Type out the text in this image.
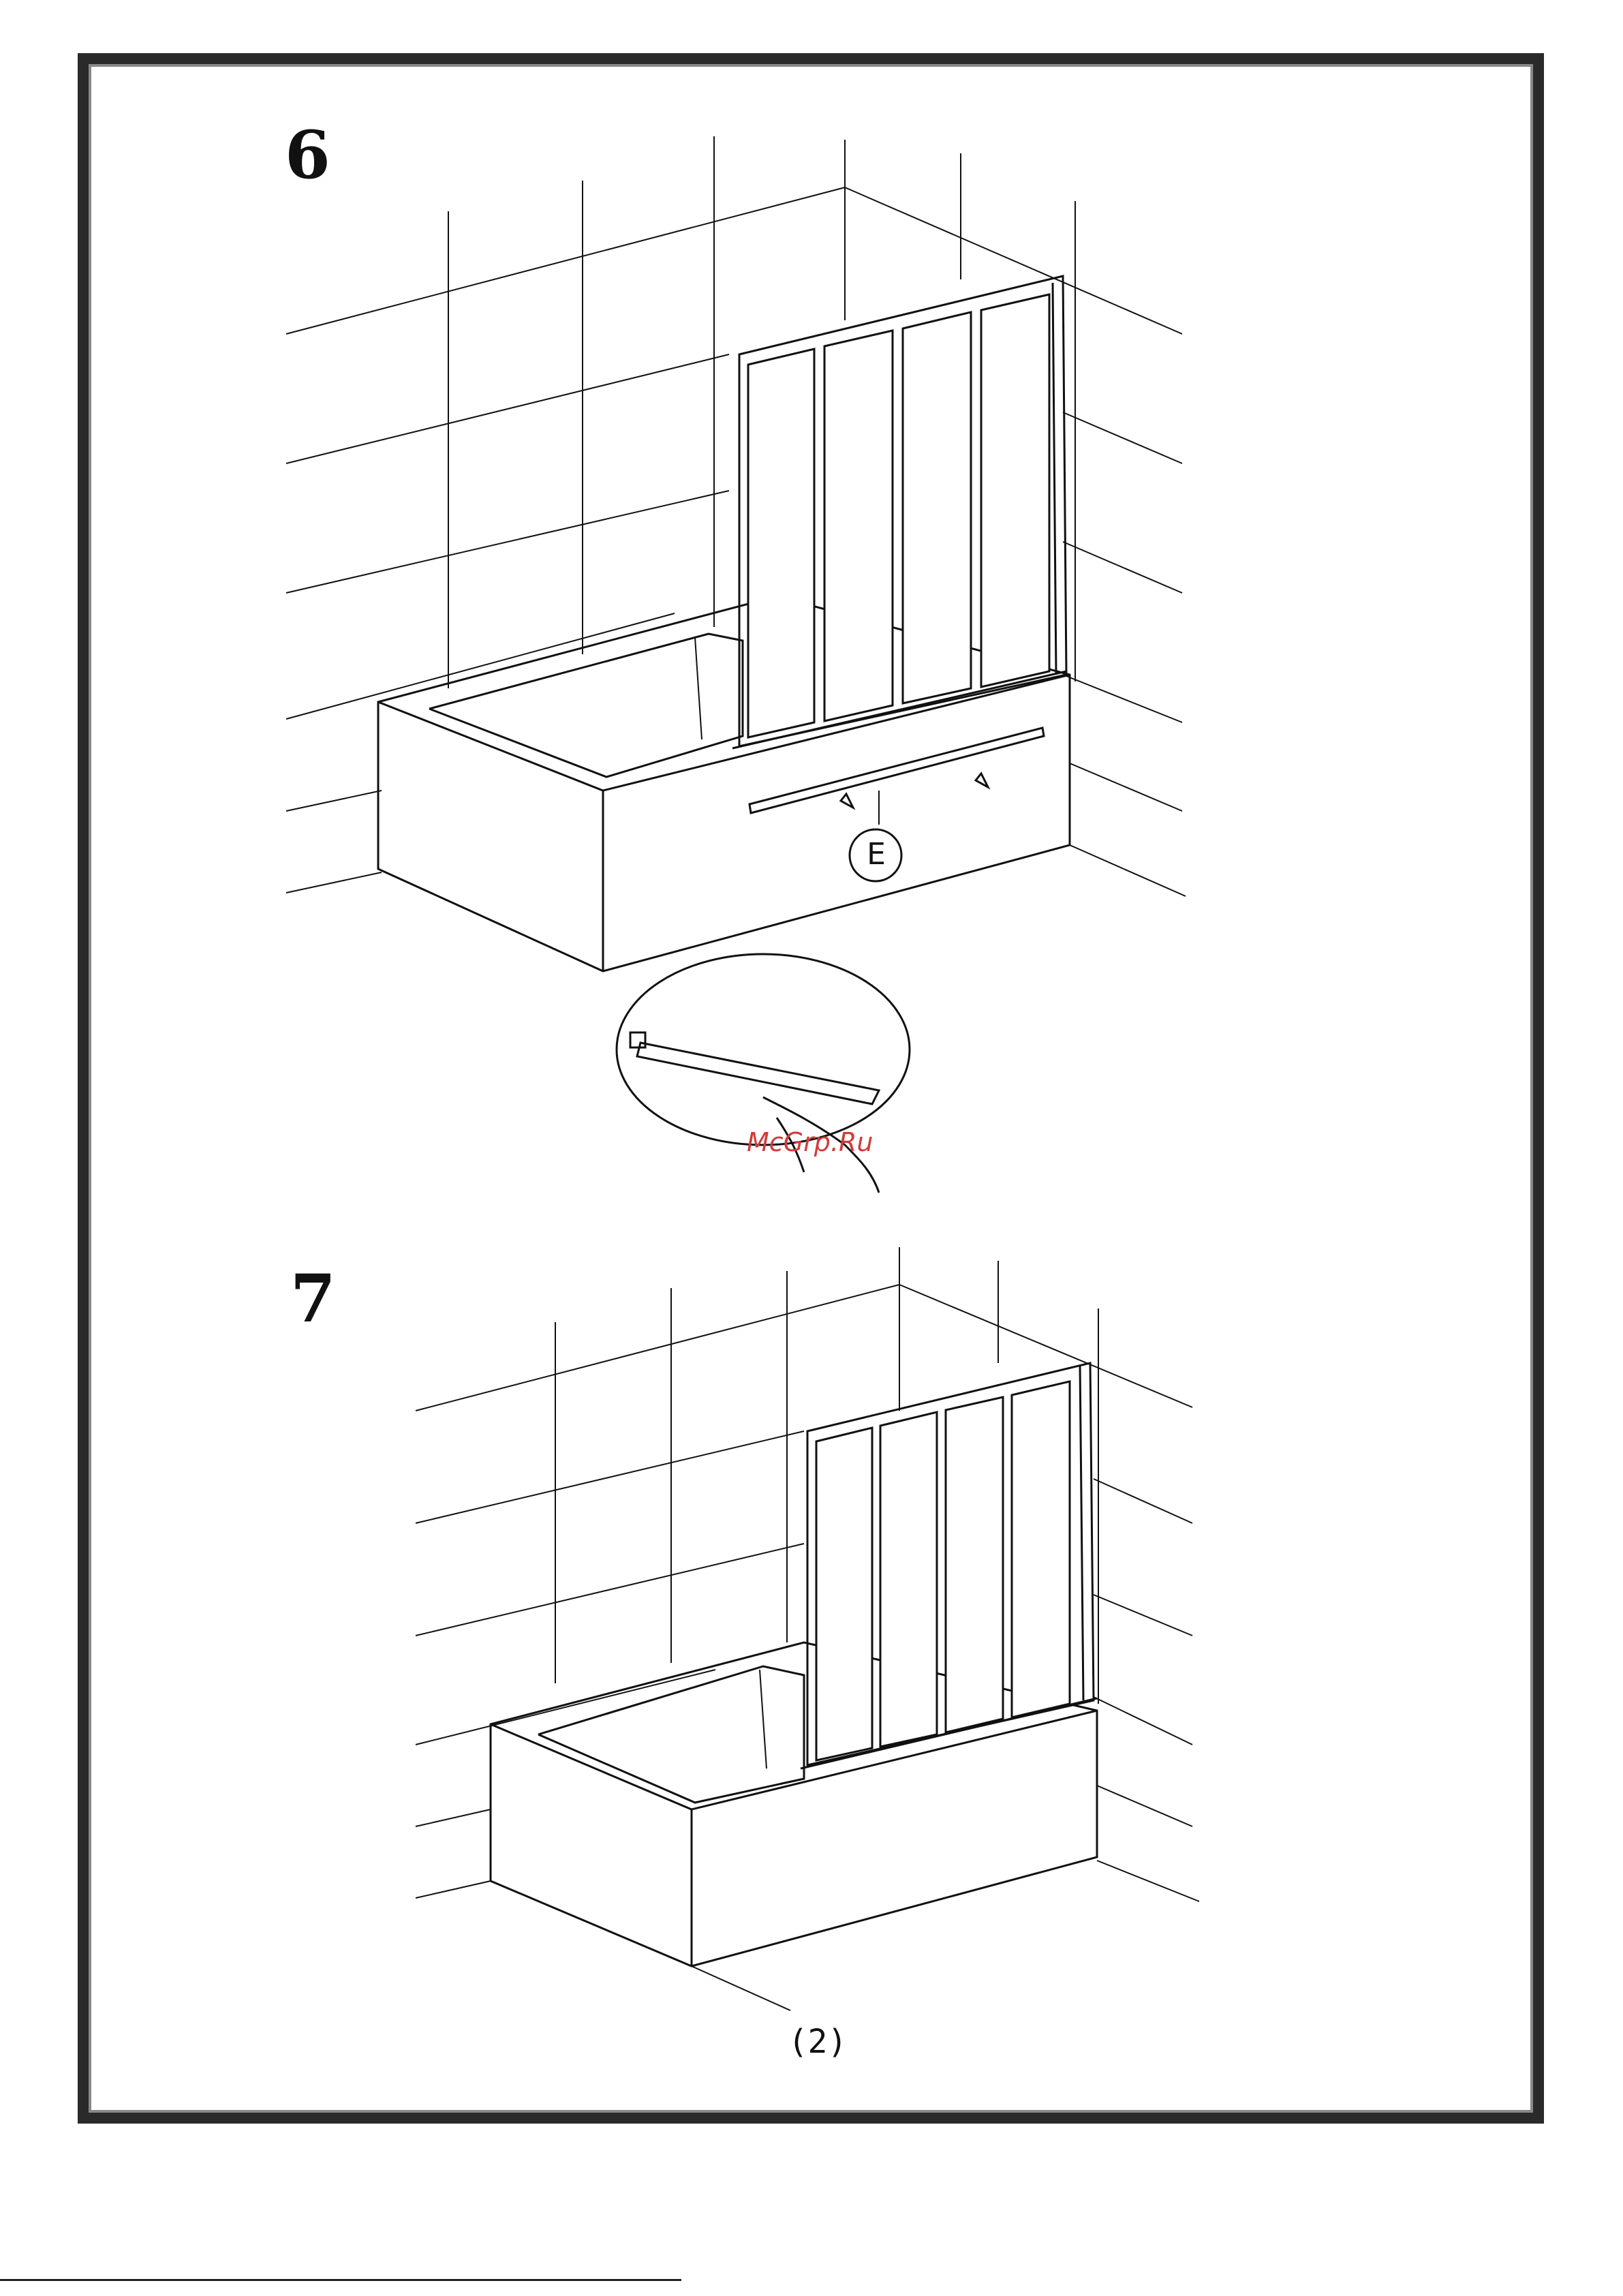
6
7
E
McGrp.Ru
(2)
